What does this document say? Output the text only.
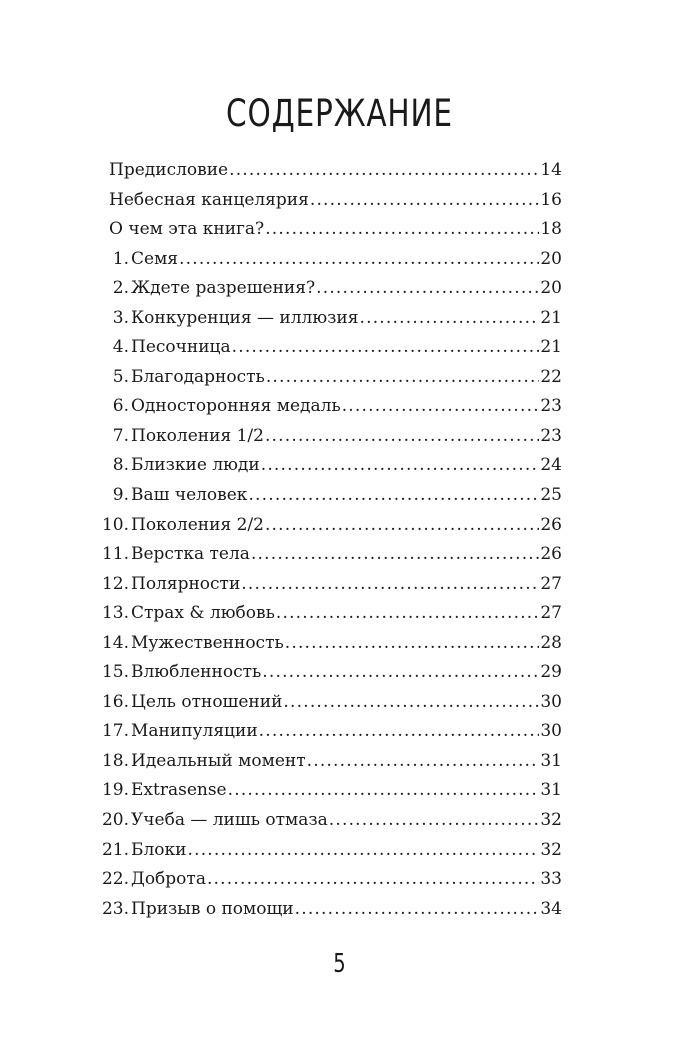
СОДЕРЖАНИЕ
Предисловие .....	14
Небесная канцелярия .....	16
О чем эта книга? .....	18
1. Семя .....	20
2. Ждете разрешения? .....	20
3. Конкуренция — иллюзия .....	21
4. Песочница .....	21
5. Благодарность .....	22
6. Односторонняя медаль .....	23
7. Поколения 1/2 .....	23
8. Близкие люди .....	24
9. Ваш человек .....	25
10. Поколения 2/2 .....	26
11. Верстка тела .....	26
12. Полярности .....	27
13. Страх & любовь .....	27
14. Мужественность .....	28
15. Влюбленность .....	29
16. Цель отношений .....	30
17. Манипуляции .....	30
18. Идеальный момент .....	31
19. Extrasense .....	31
20. Учеба — лишь отмаза .....	32
21. Блоки .....	32
22. Доброта .....	33
23. Призыв о помощи .....	34
5
